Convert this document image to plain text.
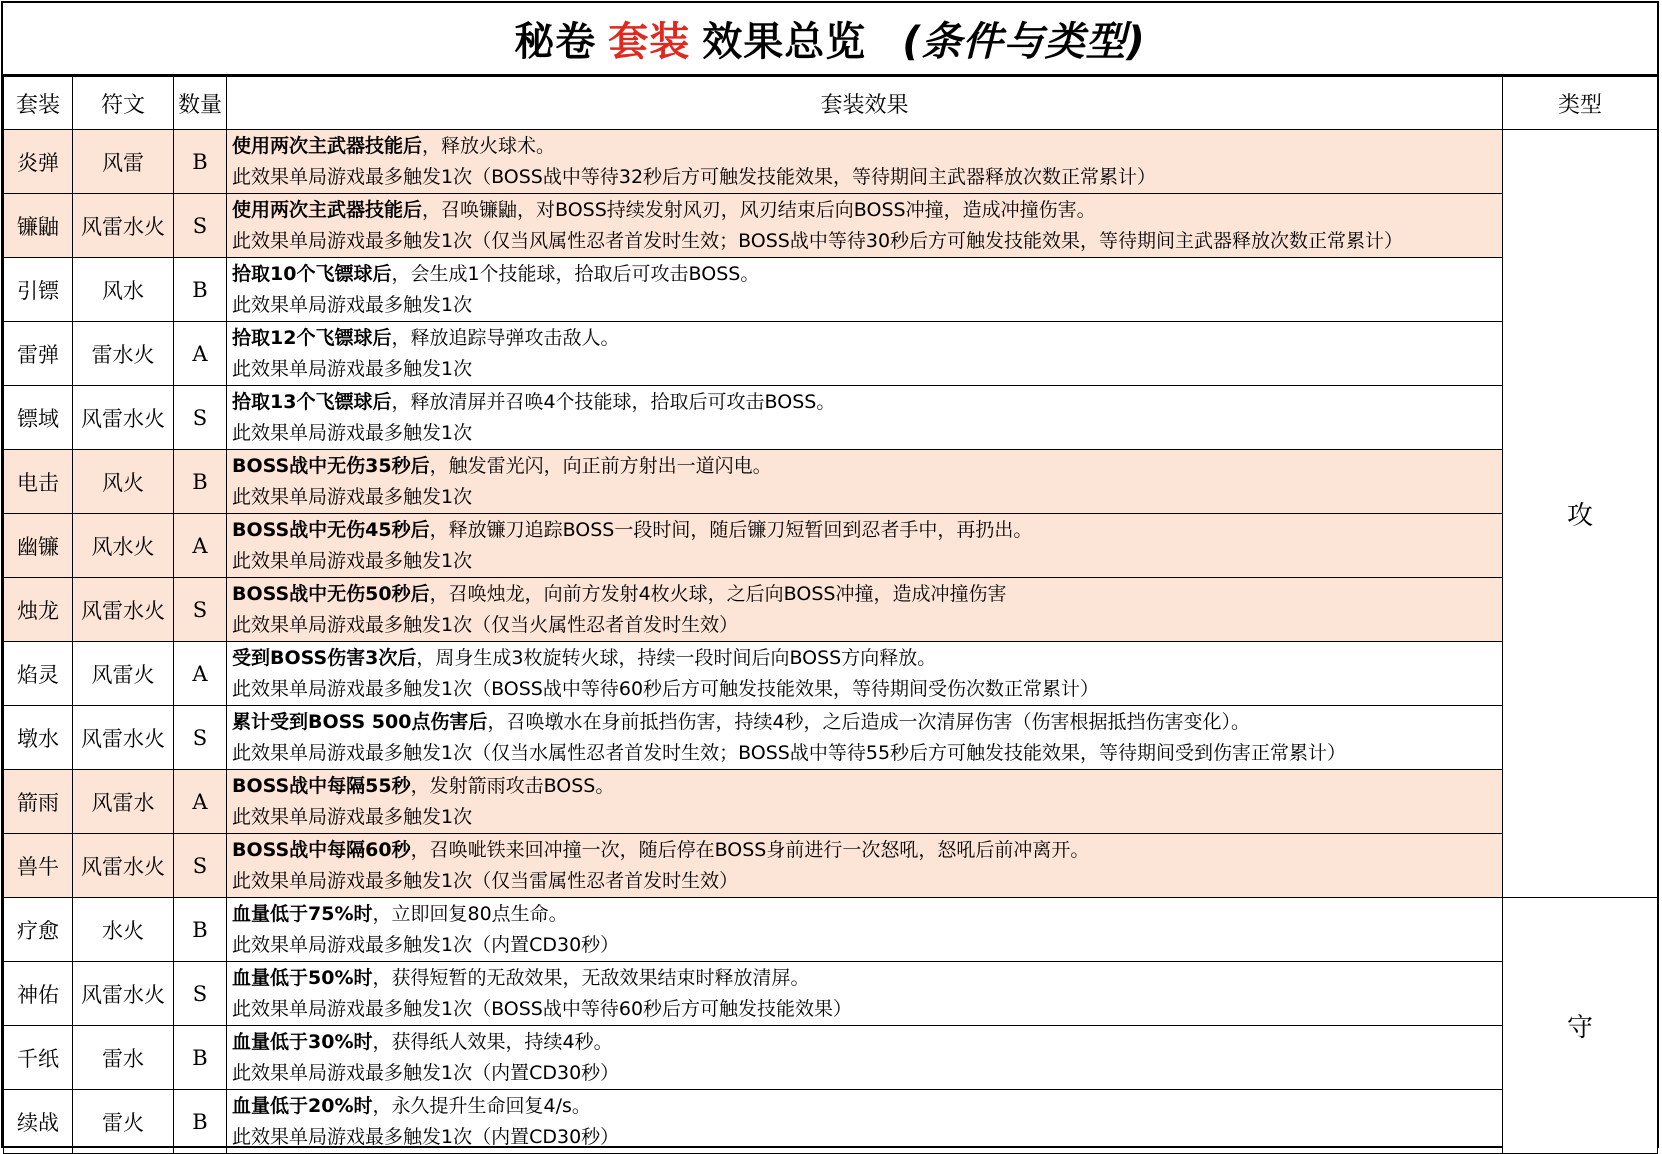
秘卷 套装 效果总览 (条件与类型)
套装	符文	数量	套装效果	类型
炎弹	风雷	B	使用两次主武器技能后，释放火球术。
此效果单局游戏最多触发1次（BOSS战中等待32秒后方可触发技能效果，等待期间主武器释放次数正常累计）	攻
镰鼬	风雷水火	S	使用两次主武器技能后，召唤镰鼬，对BOSS持续发射风刃，风刃结束后向BOSS冲撞，造成冲撞伤害。
此效果单局游戏最多触发1次（仅当风属性忍者首发时生效；BOSS战中等待30秒后方可触发技能效果，等待期间主武器释放次数正常累计）	

引镖	风水	B	拾取10个飞镖球后，会生成1个技能球，拾取后可攻击BOSS。
此效果单局游戏最多触发1次	

雷弹	雷水火	A	拾取12个飞镖球后，释放追踪导弹攻击敌人。
此效果单局游戏最多触发1次	

镖域	风雷水火	S	拾取13个飞镖球后，释放清屏并召唤4个技能球，拾取后可攻击BOSS。
此效果单局游戏最多触发1次	

电击	风火	B	BOSS战中无伤35秒后，触发雷光闪，向正前方射出一道闪电。
此效果单局游戏最多触发1次	

幽镰	风水火	A	BOSS战中无伤45秒后，释放镰刀追踪BOSS一段时间，随后镰刀短暂回到忍者手中，再扔出。
此效果单局游戏最多触发1次	

烛龙	风雷水火	S	BOSS战中无伤50秒后，召唤烛龙，向前方发射4枚火球，之后向BOSS冲撞，造成冲撞伤害
此效果单局游戏最多触发1次（仅当火属性忍者首发时生效）	

焰灵	风雷火	A	受到BOSS伤害3次后，周身生成3枚旋转火球，持续一段时间后向BOSS方向释放。
此效果单局游戏最多触发1次（BOSS战中等待60秒后方可触发技能效果，等待期间受伤次数正常累计）	

墩水	风雷水火	S	累计受到BOSS 500点伤害后，召唤墩水在身前抵挡伤害，持续4秒，之后造成一次清屏伤害（伤害根据抵挡伤害变化）。
此效果单局游戏最多触发1次（仅当水属性忍者首发时生效；BOSS战中等待55秒后方可触发技能效果，等待期间受到伤害正常累计）	

箭雨	风雷水	A	BOSS战中每隔55秒，发射箭雨攻击BOSS。
此效果单局游戏最多触发1次	

兽牛	风雷水火	S	BOSS战中每隔60秒，召唤呲铁来回冲撞一次，随后停在BOSS身前进行一次怒吼，怒吼后前冲离开。
此效果单局游戏最多触发1次（仅当雷属性忍者首发时生效）	

疗愈	水火	B	血量低于75%时，立即回复80点生命。
此效果单局游戏最多触发1次（内置CD30秒）	守
神佑	风雷水火	S	血量低于50%时，获得短暂的无敌效果，无敌效果结束时释放清屏。
此效果单局游戏最多触发1次（BOSS战中等待60秒后方可触发技能效果）	

千纸	雷水	B	血量低于30%时，获得纸人效果，持续4秒。
此效果单局游戏最多触发1次（内置CD30秒）	

续战	雷火	B	血量低于20%时，永久提升生命回复4/s。
此效果单局游戏最多触发1次（内置CD30秒）	
